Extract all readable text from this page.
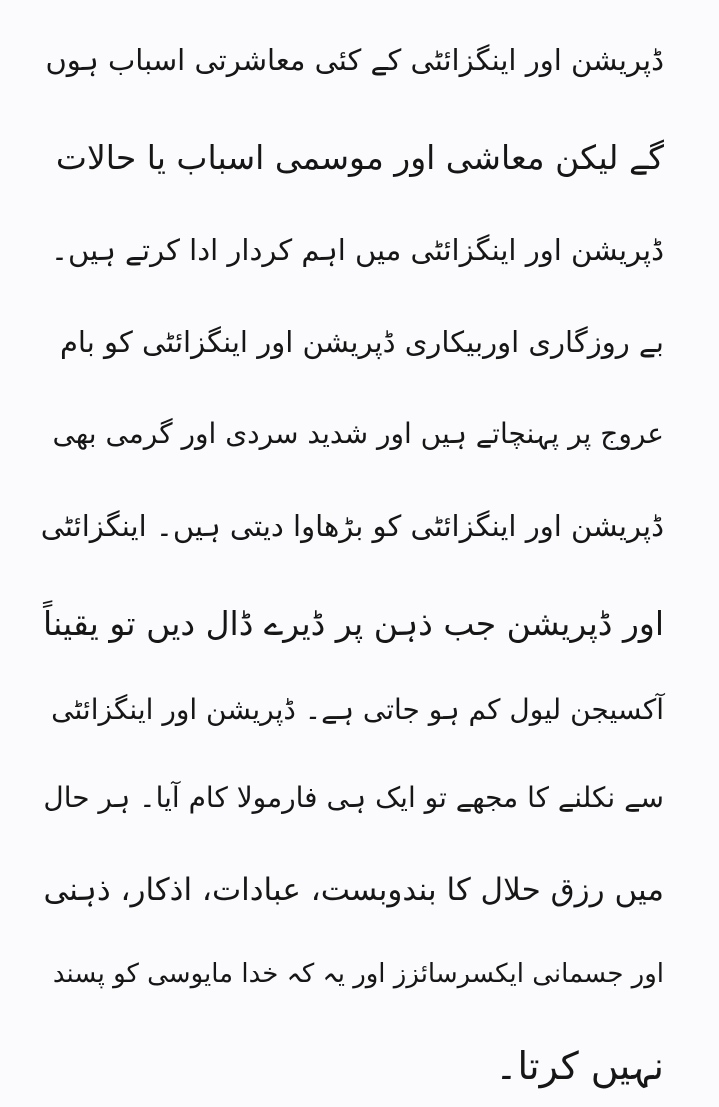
ڈپریشن اور اینگزائٹی کے کئی معاشرتی اسباب ہوں
گے لیکن معاشی اور موسمی اسباب یا حالات
ڈپریشن اور اینگزائٹی میں اہم کردار ادا کرتے ہیں۔
بے روزگاری اوربیکاری ڈپریشن اور اینگزائٹی کو بام
عروج پر پہنچاتے ہیں اور شدید سردی اور گرمی بھی
ڈپریشن اور اینگزائٹی کو بڑھاوا دیتی ہیں۔ اینگزائٹی
اور ڈپریشن جب ذہن پر ڈیرے ڈال دیں تو یقیناً
آکسیجن لیول کم ہو جاتی ہے۔ ڈپریشن اور اینگزائٹی
سے نکلنے کا مجھے تو ایک ہی فارمولا کام آیا۔ ہر حال
میں رزق حلال کا بندوبست، عبادات، اذکار، ذہنی
اور جسمانی ایکسرسائزز اور یہ کہ خدا مایوسی کو پسند
نہیں کرتا۔
